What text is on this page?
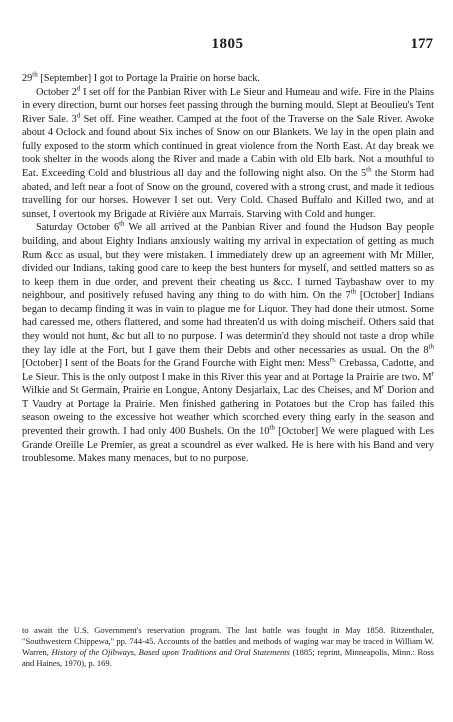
1805	177

29th [September] I got to Portage la Prairie on horse back.

October 2$^d$ I set off for the Panbian River with Le Sieur and Humeau and wife. Fire in the Plains in every direction, burnt our horses feet passing through the burning mould. Slept at Beoulieu's Tent River Sale. 3$^d$ Set off. Fine weather. Camped at the foot of the Traverse on the Sale River. Awoke about 4 Oclock and found about Six inches of Snow on our Blankets. We lay in the open plain and fully exposed to the storm which continued in great violence from the North East. At day break we took shelter in the woods along the River and made a Cabin with old Elb bark. Not a mouthful to Eat. Exceeding Cold and blustrious all day and the following night also. On the 5th the Storm had abated, and left near a foot of Snow on the ground, covered with a strong crust, and made it tedious travelling for our horses. However I set out. Very Cold. Chased Buffalo and Killed two, and at sunset, I overtook my Brigade at Rivière aux Marrais. Starving with Cold and hunger.

Saturday October 6th We all arrived at the Panbian River and found the Hudson Bay people building, and about Eighty Indians anxiously waiting my arrival in expectation of getting as much Rum &cc as usual, but they were mistaken. I immediately drew up an agreement with Mr Miller, divided our Indians, taking good care to keep the best hunters for myself, and settled matters so as to keep them in due order, and prevent their cheating us &cc. I turned Taybashaw over to my neighbour, and positively refused having any thing to do with him. On the 7th [October] Indians began to decamp finding it was in vain to plague me for Liquor. They had done their utmost. Some had caressed me, others flattered, and some had threaten'd us with doing mischeif. Others said that they would not hunt, &c but all to no purpose. I was determin'd they should not taste a drop while they lay idle at the Fort, but I gave them their Debts and other necessaries as usual. On the 8th [October] I sent of the Boats for the Grand Fourche with Eight men: Mess$^{rs.}$ Crebassa, Cadotte, and Le Sieur. This is the only outpost I make in this River this year and at Portage la Prairie are two. $M^r$ Wilkie and St Germain, Prairie en Longue, Antony Desjarlaix, Lac des Cheises, and $M^r$ Dorion and T Vaudry at Portage la Prairie. Men finished gathering in Potatoes but the Crop has failed this season oweing to the excessive hot weather which scorched every thing early in the season and prevented their growth. I had only 400 Bushels. On the 10th [October] We were plagued with Les Grande Oreille Le Premier, as great a scoundrel as ever walked. He is here with his Band and very troublesome. Makes many menaces, but to no purpose.

to await the U.S. Government's reservation program. The last battle was fought in May 1858. Ritzenthaler, "Southwestern Chippewa," pp. 744-45. Accounts of the battles and methods of waging war may be traced in William W. Warren, History of the Ojibways, Based upon Traditions and Oral Statements (1885; reprint, Minneapolis, Minn.: Ross and Haines, 1970), p. 169.
